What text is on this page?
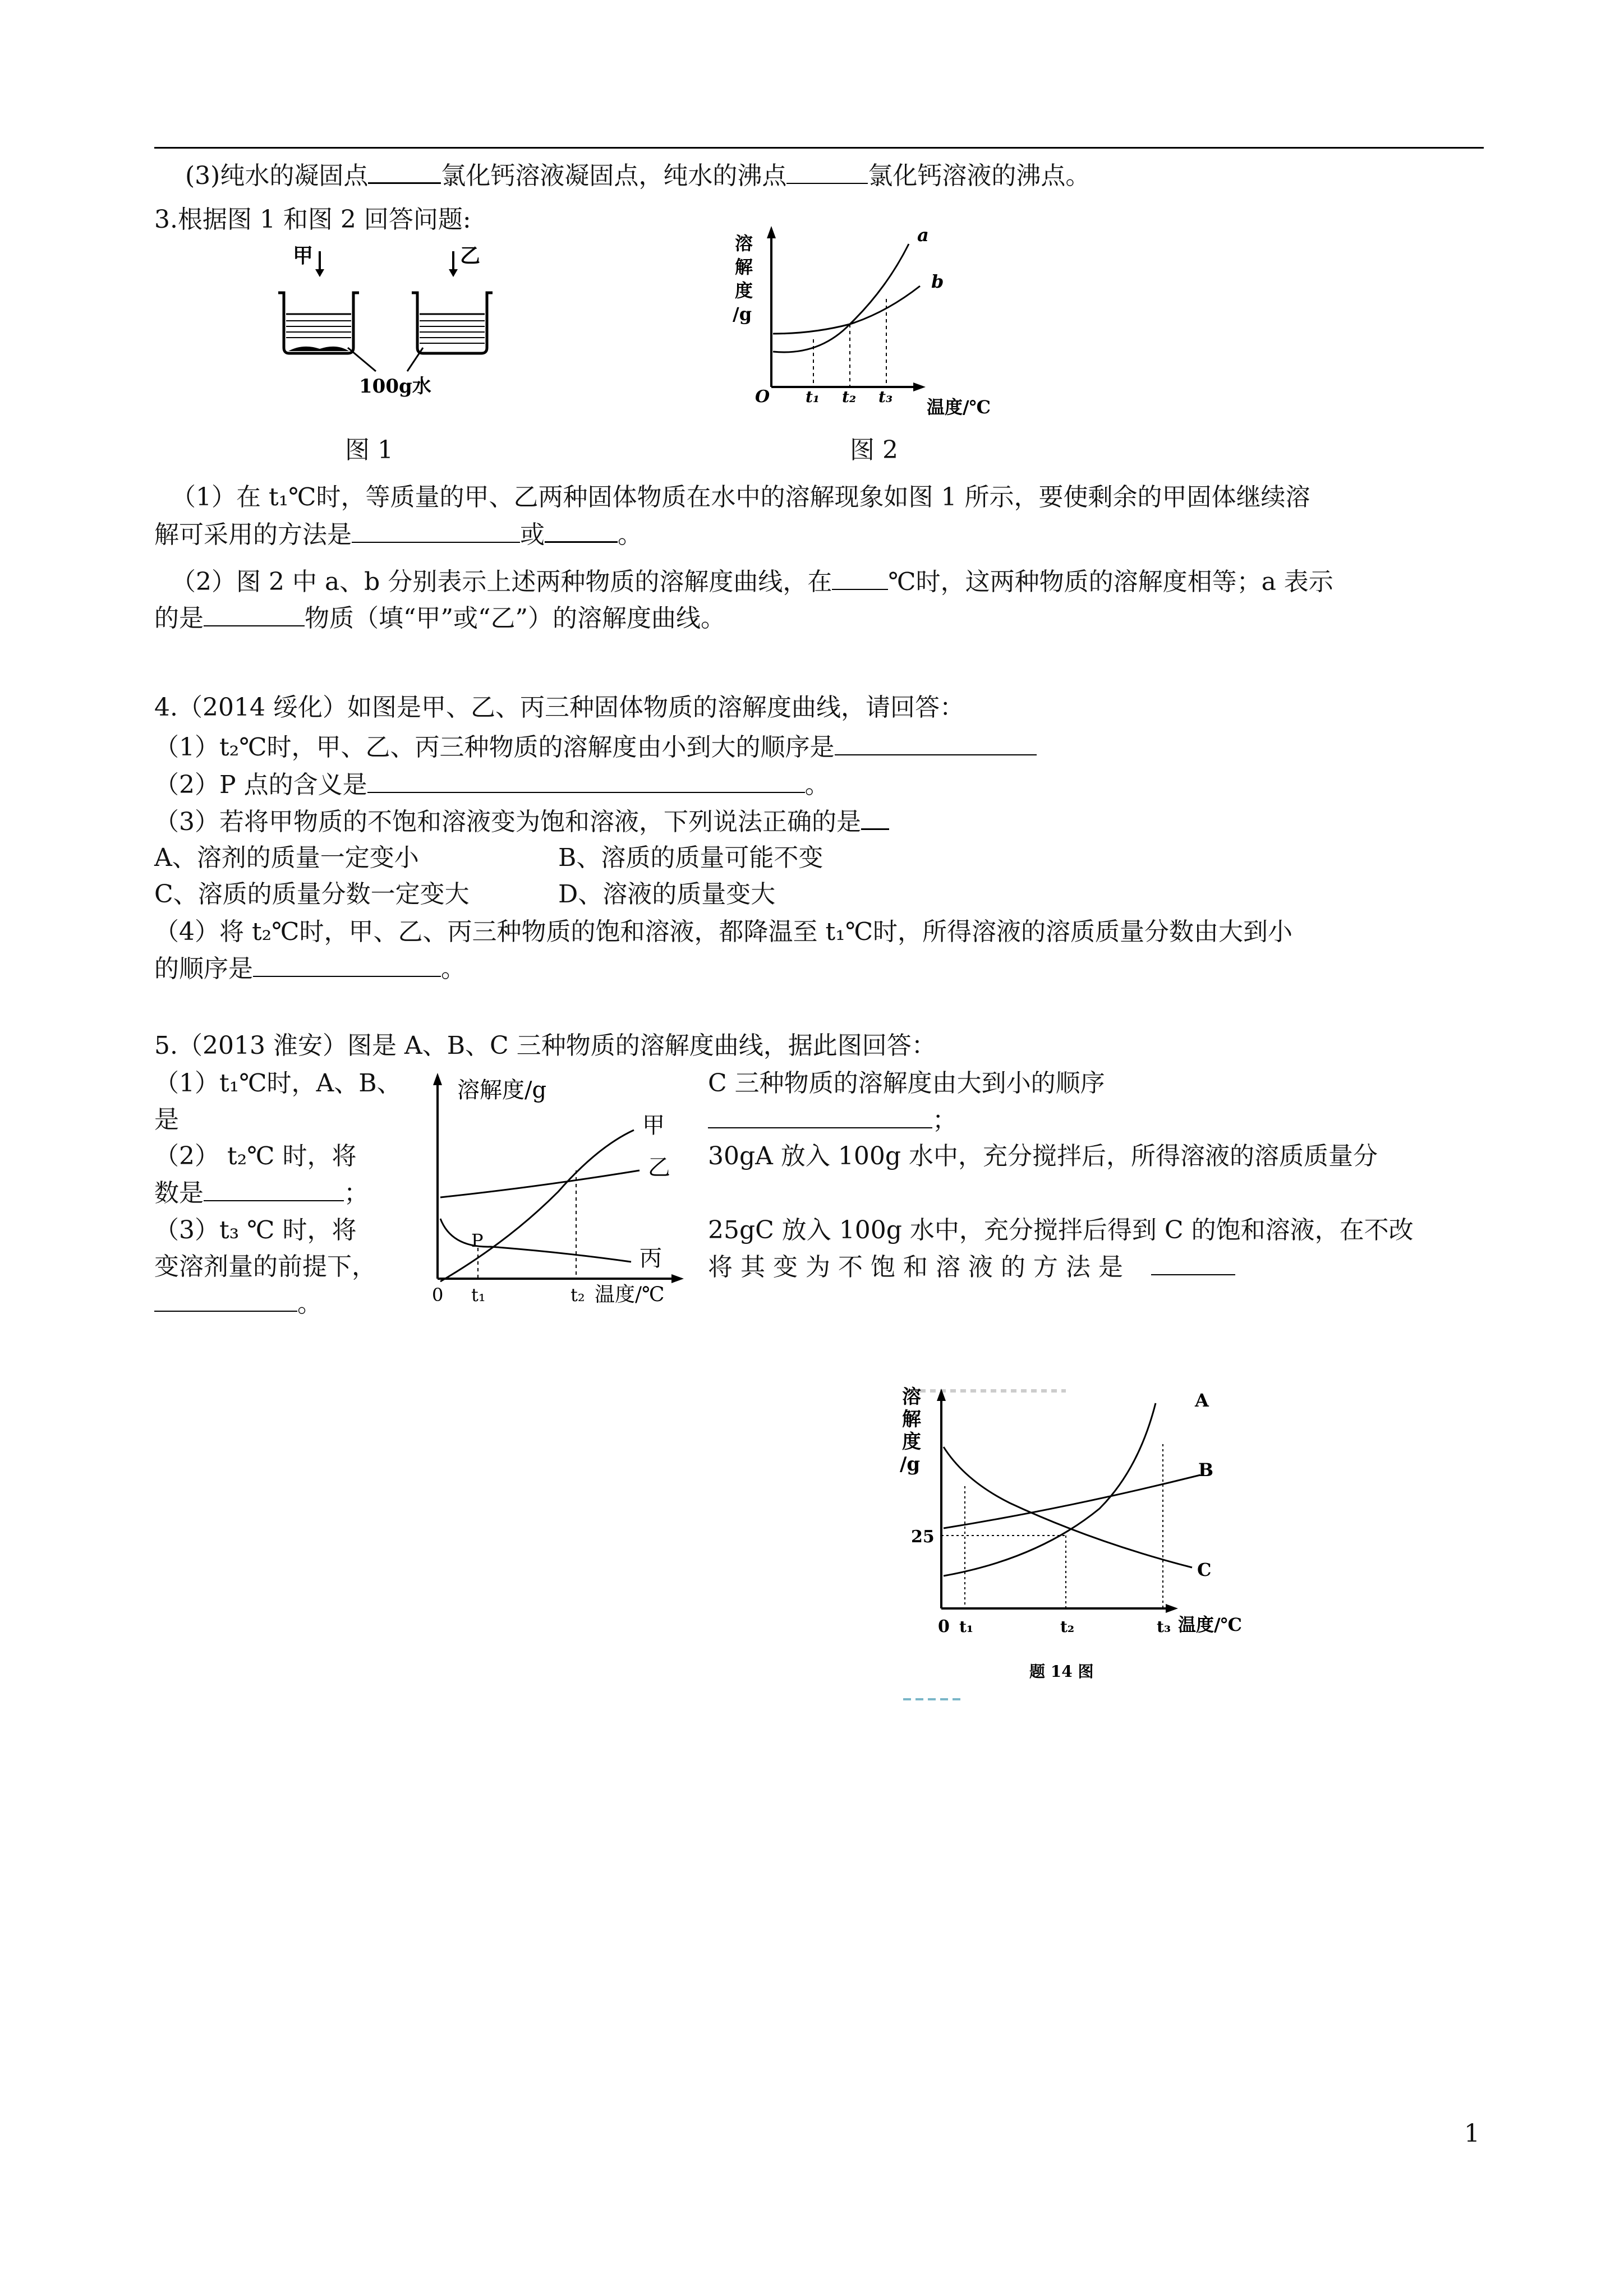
(3)纯水的凝固点	氯化钙溶液凝固点，纯水的沸点	氯化钙溶液的沸点。
3.根据图 1 和图 2 回答问题:
甲	乙
100g水
溶
解
度
/g
a
b
O t₁ t₂ t₃ 温度/℃
图 1	图 2
（1）在 t₁℃时，等质量的甲、乙两种固体物质在水中的溶解现象如图 1 所示，要使剩余的甲固体继续溶
解可采用的方法是	或	。
（2）图 2 中 a、b 分别表示上述两种物质的溶解度曲线，在 ℃时，这两种物质的溶解度相等；a 表示
的是	物质（填“甲”或“乙”）的溶解度曲线。
4.（2014 绥化）如图是甲、乙、丙三种固体物质的溶解度曲线，请回答：
（1）t₂℃时，甲、乙、丙三种物质的溶解度由小到大的顺序是
（2）P 点的含义是	。
（3）若将甲物质的不饱和溶液变为饱和溶液，下列说法正确的是
A、溶剂的质量一定变小	B、溶质的质量可能不变
C、溶质的质量分数一定变大	D、溶液的质量变大
（4）将 t₂℃时，甲、乙、丙三种物质的饱和溶液，都降温至 t₁℃时，所得溶液的溶质质量分数由大到小
的顺序是	。
5.（2013 淮安）图是 A、B、C 三种物质的溶解度曲线，据此图回答：
（1）t₁℃时，A、B、
是
（2） t₂℃ 时，将
数是	；
（3）t₃ ℃ 时，将
变溶剂量的前提下，
。
C 三种物质的溶解度由大到小的顺序
；
30gA 放入 100g 水中，充分搅拌后，所得溶液的溶质质量分
25gC 放入 100g 水中，充分搅拌后得到 C 的饱和溶液，在不改
将 其 变 为 不 饱 和 溶 液 的 方 法 是
溶解度/g
P
甲
乙
丙
0 t₁	t₂ 温度/℃
溶
解
度
/g
25
A
B
C
0 t₁	t₂	t₃ 温度/℃
题 14 图
1
